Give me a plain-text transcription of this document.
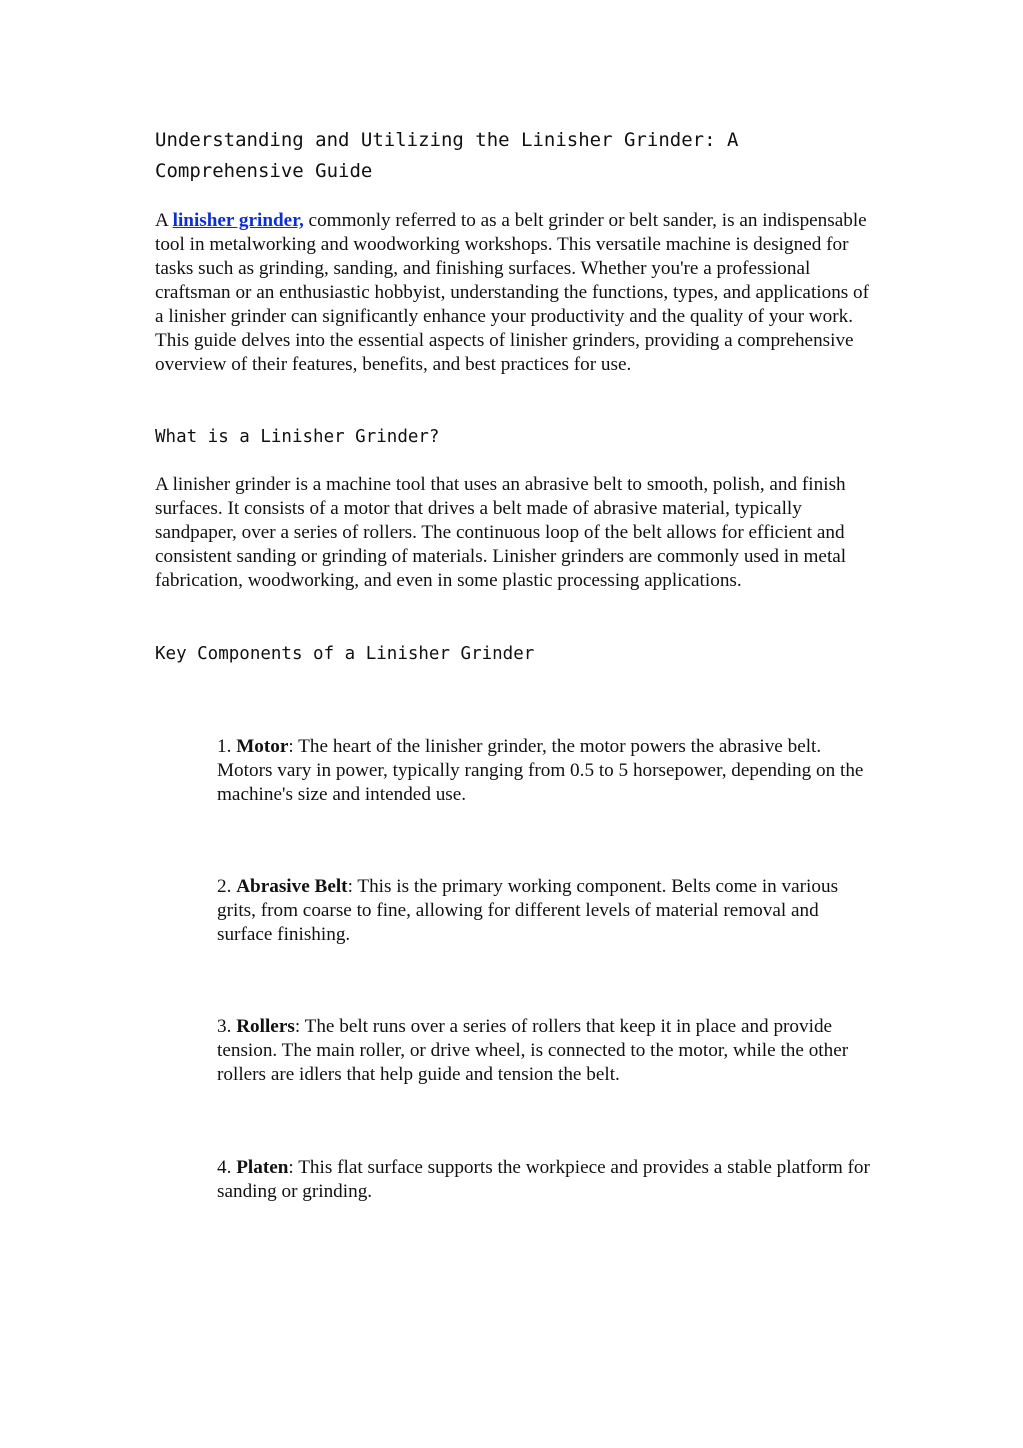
Understanding and Utilizing the Linisher Grinder: A Comprehensive Guide

A linisher grinder, commonly referred to as a belt grinder or belt sander, is an indispensable tool in metalworking and woodworking workshops. This versatile machine is designed for tasks such as grinding, sanding, and finishing surfaces. Whether you're a professional craftsman or an enthusiastic hobbyist, understanding the functions, types, and applications of a linisher grinder can significantly enhance your productivity and the quality of your work. This guide delves into the essential aspects of linisher grinders, providing a comprehensive overview of their features, benefits, and best practices for use.

What is a Linisher Grinder?

A linisher grinder is a machine tool that uses an abrasive belt to smooth, polish, and finish surfaces. It consists of a motor that drives a belt made of abrasive material, typically sandpaper, over a series of rollers. The continuous loop of the belt allows for efficient and consistent sanding or grinding of materials. Linisher grinders are commonly used in metal fabrication, woodworking, and even in some plastic processing applications.

Key Components of a Linisher Grinder

1. Motor: The heart of the linisher grinder, the motor powers the abrasive belt. Motors vary in power, typically ranging from 0.5 to 5 horsepower, depending on the machine's size and intended use.

2. Abrasive Belt: This is the primary working component. Belts come in various grits, from coarse to fine, allowing for different levels of material removal and surface finishing.

3. Rollers: The belt runs over a series of rollers that keep it in place and provide tension. The main roller, or drive wheel, is connected to the motor, while the other rollers are idlers that help guide and tension the belt.

4. Platen: This flat surface supports the workpiece and provides a stable platform for sanding or grinding.
